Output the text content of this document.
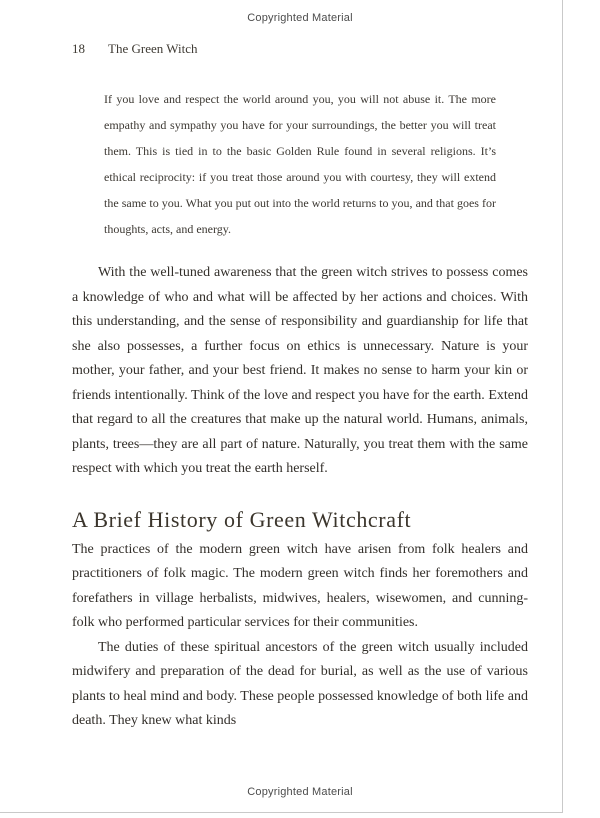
Copyrighted Material
18 The Green Witch
If you love and respect the world around you, you will not abuse it. The more empathy and sympathy you have for your surroundings, the better you will treat them. This is tied in to the basic Golden Rule found in several religions. It’s ethical reciprocity: if you treat those around you with courtesy, they will extend the same to you. What you put out into the world returns to you, and that goes for thoughts, acts, and energy.

With the well-tuned awareness that the green witch strives to possess comes a knowledge of who and what will be affected by her actions and choices. With this understanding, and the sense of responsibility and guardianship for life that she also possesses, a further focus on ethics is unnecessary. Nature is your mother, your father, and your best friend. It makes no sense to harm your kin or friends intentionally. Think of the love and respect you have for the earth. Extend that regard to all the creatures that make up the natural world. Humans, animals, plants, trees—they are all part of nature. Naturally, you treat them with the same respect with which you treat the earth herself.

A Brief History of Green Witchcraft

The practices of the modern green witch have arisen from folk healers and practitioners of folk magic. The modern green witch finds her foremothers and forefathers in village herbalists, midwives, healers, wisewomen, and cunning-folk who performed particular services for their communities.

The duties of these spiritual ancestors of the green witch usually included midwifery and preparation of the dead for burial, as well as the use of various plants to heal mind and body. These people possessed knowledge of both life and death. They knew what kinds

Copyrighted Material
